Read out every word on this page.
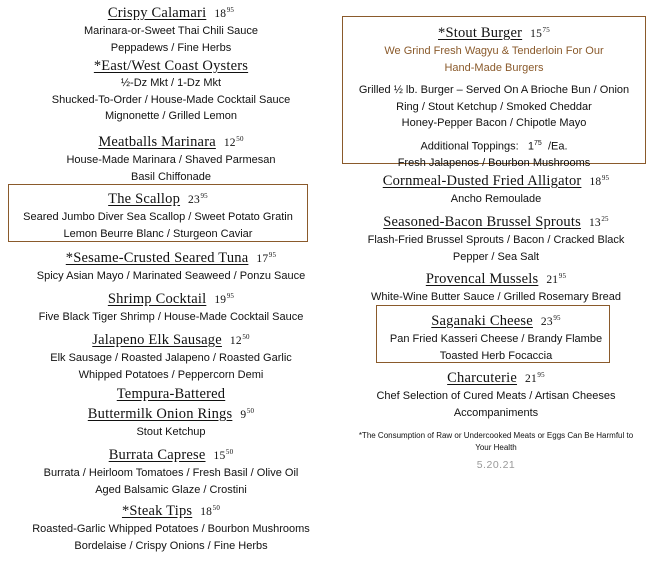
Crispy Calamari $18^{95}$
Marinara-or-Sweet Thai Chili Sauce
Peppadews / Fine Herbs
*East/West Coast Oysters
½-Dz Mkt / 1-Dz Mkt
Shucked-To-Order / House-Made Cocktail Sauce
Mignonette / Grilled Lemon
Meatballs Marinara $12^{50}$
House-Made Marinara / Shaved Parmesan
Basil Chiffonade
The Scallop $23^{95}$
Seared Jumbo Diver Sea Scallop / Sweet Potato Gratin
Lemon Beurre Blanc / Sturgeon Caviar
*Sesame-Crusted Seared Tuna $17^{95}$
Spicy Asian Mayo / Marinated Seaweed / Ponzu Sauce
Shrimp Cocktail $19^{95}$
Five Black Tiger Shrimp / House-Made Cocktail Sauce
Jalapeno Elk Sausage $12^{50}$
Elk Sausage / Roasted Jalapeno / Roasted Garlic
Whipped Potatoes / Peppercorn Demi
Tempura-Battered
Buttermilk Onion Rings $9^{50}$
Stout Ketchup
Burrata Caprese $15^{50}$
Burrata / Heirloom Tomatoes / Fresh Basil / Olive Oil
Aged Balsamic Glaze / Crostini
*Steak Tips $18^{50}$
Roasted-Garlic Whipped Potatoes / Bourbon Mushrooms
Bordelaise / Crispy Onions / Fine Herbs
*Stout Burger $15^{75}$
We Grind Fresh Wagyu & Tenderloin For Our
Hand-Made Burgers
Grilled ½ lb. Burger – Served On A Brioche Bun / Onion
Ring / Stout Ketchup / Smoked Cheddar
Honey-Pepper Bacon / Chipotle Mayo
Additional Toppings: $1^{75}$ /Ea.
Fresh Jalapenos / Bourbon Mushrooms
Cornmeal-Dusted Fried Alligator $18^{95}$
Ancho Remoulade
Seasoned-Bacon Brussel Sprouts $13^{25}$
Flash-Fried Brussel Sprouts / Bacon / Cracked Black
Pepper / Sea Salt
Provencal Mussels $21^{95}$
White-Wine Butter Sauce / Grilled Rosemary Bread
Saganaki Cheese $23^{95}$
Pan Fried Kasseri Cheese / Brandy Flambe
Toasted Herb Focaccia
Charcuterie $21^{95}$
Chef Selection of Cured Meats / Artisan Cheeses
Accompaniments
*The Consumption of Raw or Undercooked Meats or Eggs Can Be Harmful to
Your Health
5.20.21
